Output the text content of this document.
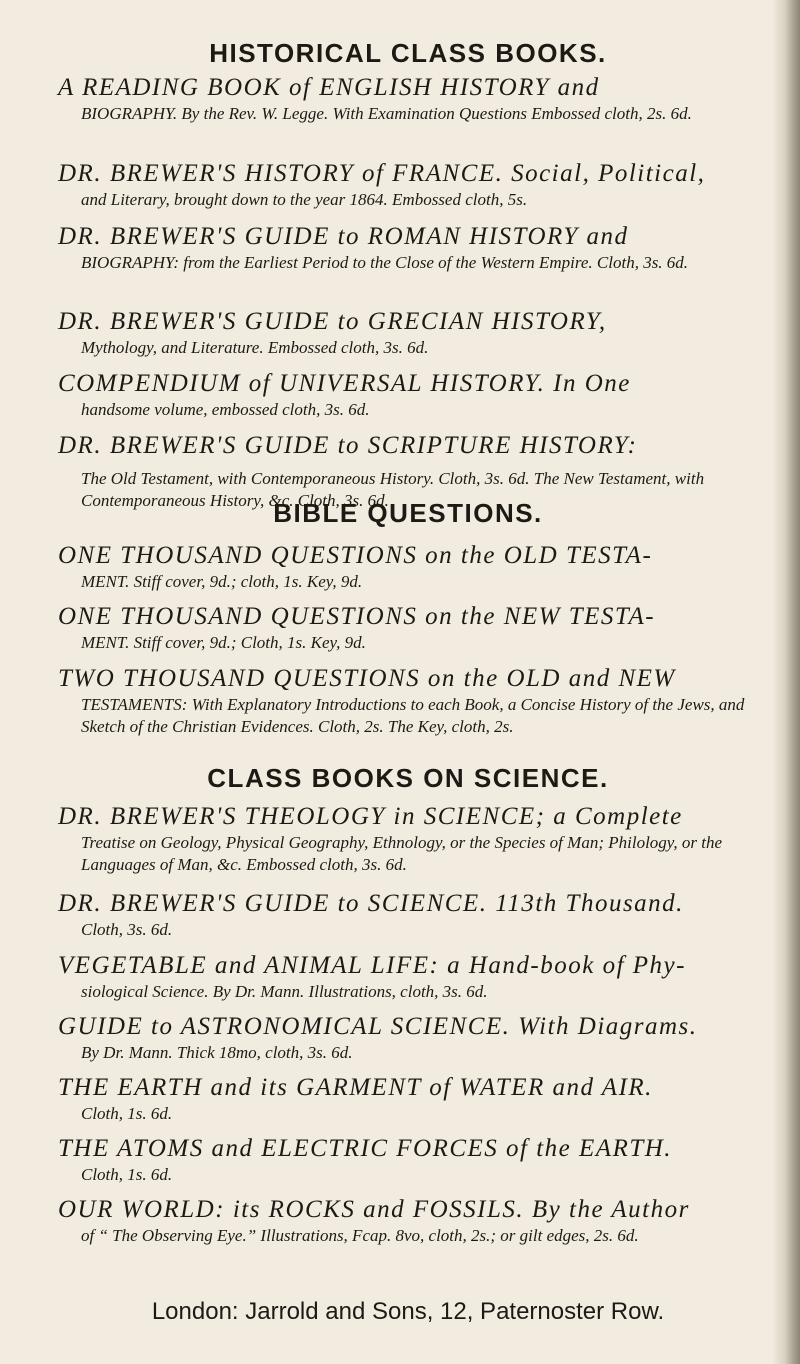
HISTORICAL CLASS BOOKS.
A READING BOOK of ENGLISH HISTORY and
BIOGRAPHY. By the Rev. W. Legge. With Examination Questions Embossed cloth, 2s. 6d.
DR. BREWER'S HISTORY of FRANCE. Social, Political,
and Literary, brought down to the year 1864. Embossed cloth, 5s.
DR. BREWER'S GUIDE to ROMAN HISTORY and
BIOGRAPHY: from the Earliest Period to the Close of the Western Empire. Cloth, 3s. 6d.
DR. BREWER'S GUIDE to GRECIAN HISTORY,
Mythology, and Literature. Embossed cloth, 3s. 6d.
COMPENDIUM of UNIVERSAL HISTORY. In One
handsome volume, embossed cloth, 3s. 6d.
DR. BREWER'S GUIDE to SCRIPTURE HISTORY:
The Old Testament, with Contemporaneous History. Cloth, 3s. 6d. The New Testament, with Contemporaneous History, &c. Cloth, 3s. 6d.
BIBLE QUESTIONS.
ONE THOUSAND QUESTIONS on the OLD TESTA-
MENT. Stiff cover, 9d.; cloth, 1s. Key, 9d.
ONE THOUSAND QUESTIONS on the NEW TESTA-
MENT. Stiff cover, 9d.; Cloth, 1s. Key, 9d.
TWO THOUSAND QUESTIONS on the OLD and NEW
TESTAMENTS: With Explanatory Introductions to each Book, a Concise History of the Jews, and Sketch of the Christian Evidences. Cloth, 2s. The Key, cloth, 2s.
CLASS BOOKS ON SCIENCE.
DR. BREWER'S THEOLOGY in SCIENCE; a Complete
Treatise on Geology, Physical Geography, Ethnology, or the Species of Man; Philology, or the Languages of Man, &c. Embossed cloth, 3s. 6d.
DR. BREWER'S GUIDE to SCIENCE. 113th Thousand.
Cloth, 3s. 6d.
VEGETABLE and ANIMAL LIFE: a Hand-book of Phy-
siological Science. By Dr. Mann. Illustrations, cloth, 3s. 6d.
GUIDE to ASTRONOMICAL SCIENCE. With Diagrams.
By Dr. Mann. Thick 18mo, cloth, 3s. 6d.
THE EARTH and its GARMENT of WATER and AIR.
Cloth, 1s. 6d.
THE ATOMS and ELECTRIC FORCES of the EARTH.
Cloth, 1s. 6d.
OUR WORLD: its ROCKS and FOSSILS. By the Author
of “ The Observing Eye.” Illustrations, Fcap. 8vo, cloth, 2s.; or gilt edges, 2s. 6d.
London: Jarrold and Sons, 12, Paternoster Row.
